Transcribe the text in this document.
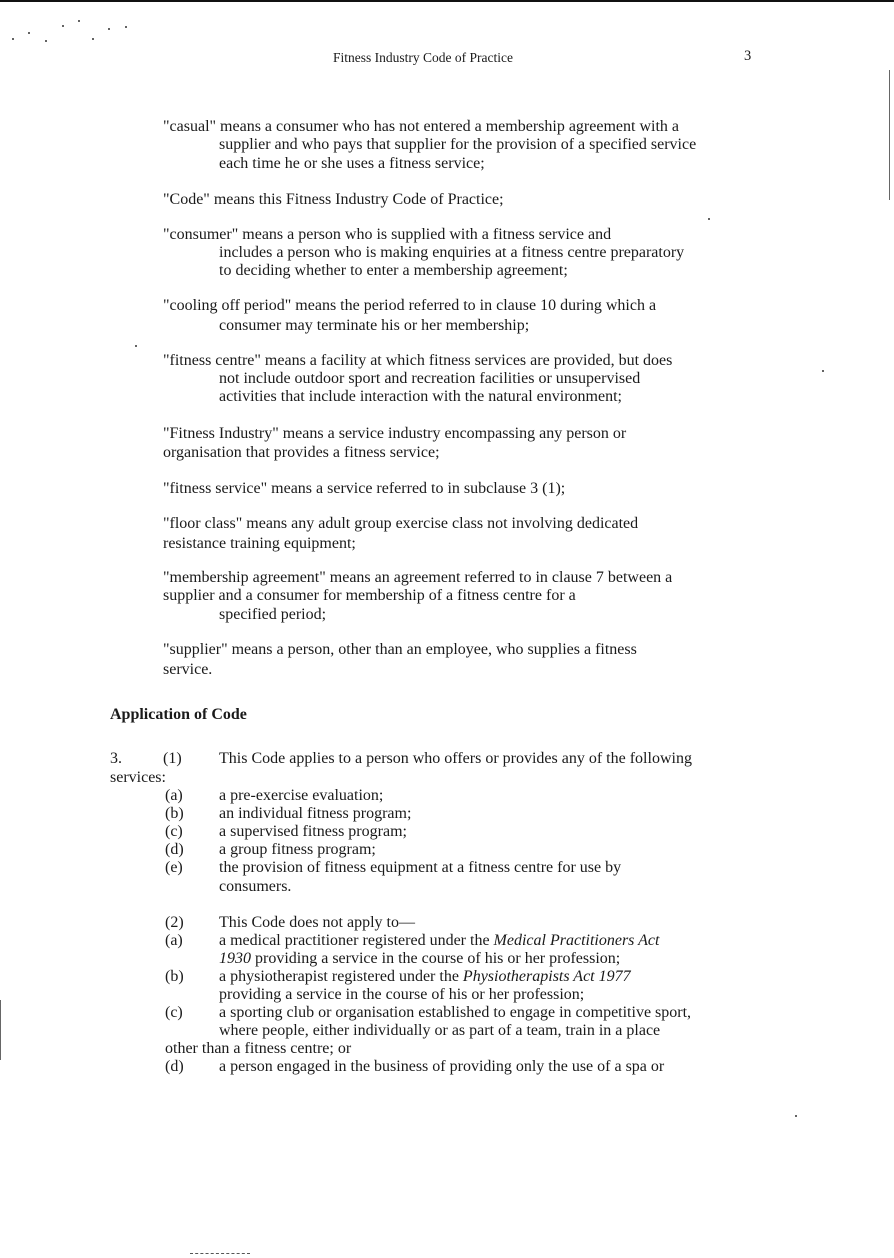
Fitness Industry Code of Practice	3
"casual" means a consumer who has not entered a membership agreement with a
supplier and who pays that supplier for the provision of a specified service
each time he or she uses a fitness service;
"Code" means this Fitness Industry Code of Practice;
"consumer" means a person who is supplied with a fitness service and
includes a person who is making enquiries at a fitness centre preparatory
to deciding whether to enter a membership agreement;
"cooling off period" means the period referred to in clause 10 during which a
consumer may terminate his or her membership;
"fitness centre" means a facility at which fitness services are provided, but does
not include outdoor sport and recreation facilities or unsupervised
activities that include interaction with the natural environment;
"Fitness Industry" means a service industry encompassing any person or
organisation that provides a fitness service;
"fitness service" means a service referred to in subclause 3 (1);
"floor class" means any adult group exercise class not involving dedicated
resistance training equipment;
"membership agreement" means an agreement referred to in clause 7 between a
supplier and a consumer for membership of a fitness centre for a
specified period;
"supplier" means a person, other than an employee, who supplies a fitness
service.
Application of Code
3.	(1) This Code applies to a person who offers or provides any of the following
services:
(a) a pre-exercise evaluation;
(b) an individual fitness program;
(c) a supervised fitness program;
(d) a group fitness program;
(e) the provision of fitness equipment at a fitness centre for use by
consumers.
(2) This Code does not apply to—
(a) a medical practitioner registered under the Medical Practitioners Act
1930 providing a service in the course of his or her profession;
(b) a physiotherapist registered under the Physiotherapists Act 1977
providing a service in the course of his or her profession;
(c) a sporting club or organisation established to engage in competitive sport,
where people, either individually or as part of a team, train in a place
other than a fitness centre; or
(d) a person engaged in the business of providing only the use of a spa or
